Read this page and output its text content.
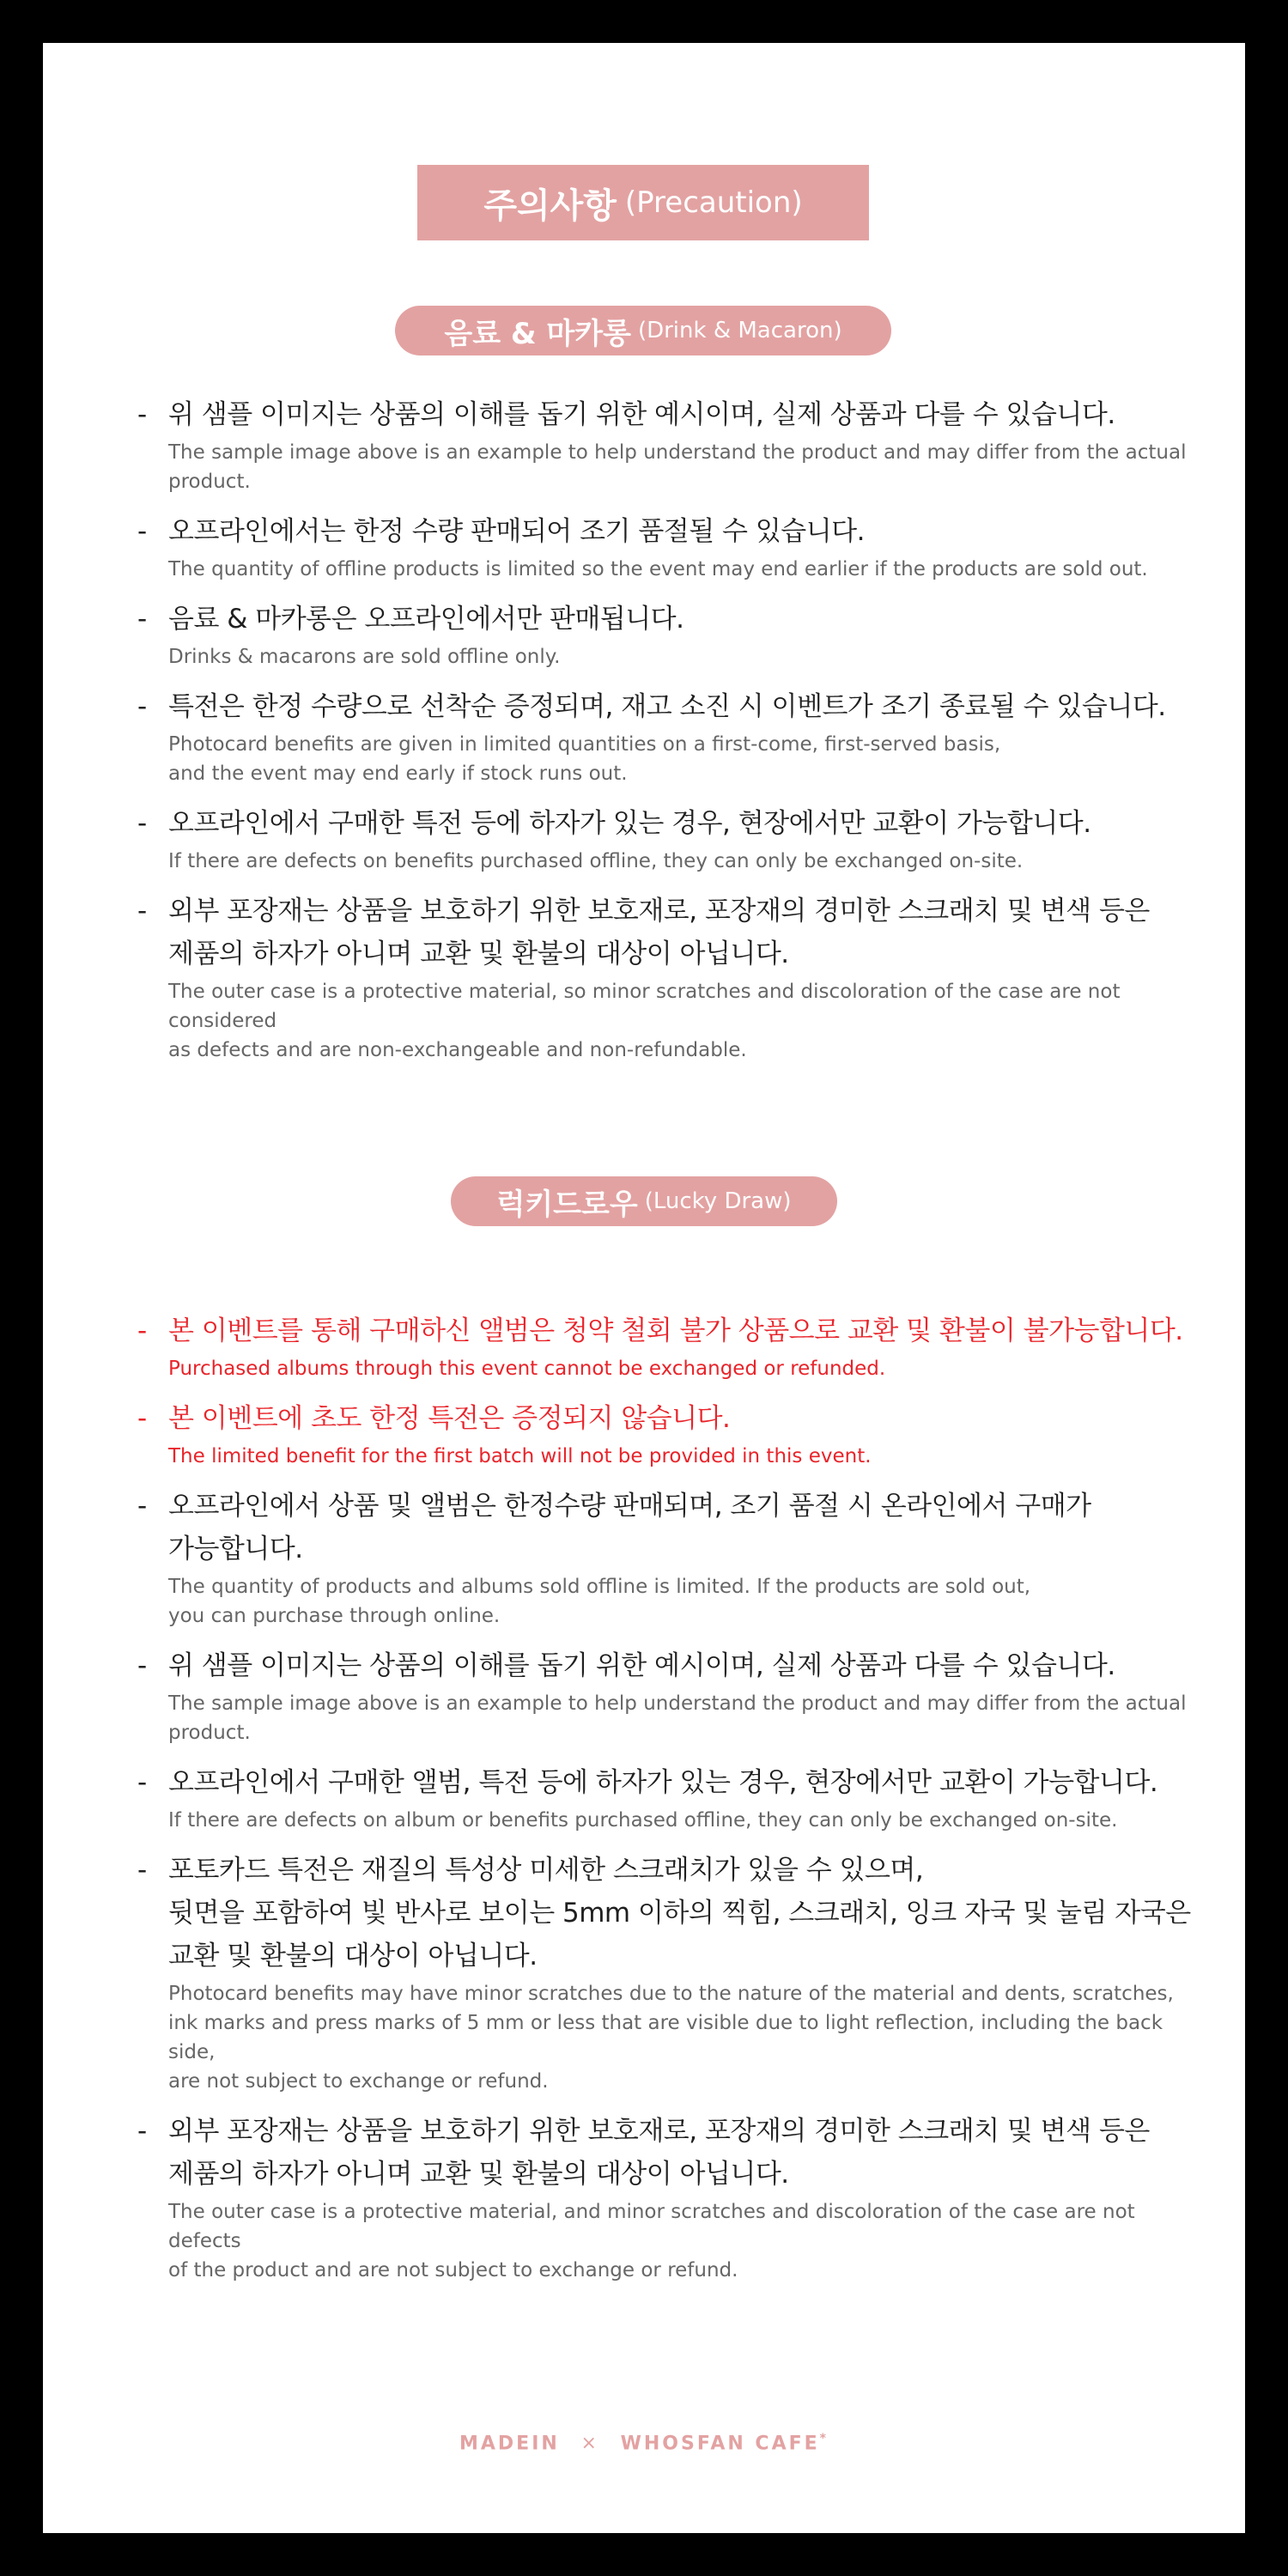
주의사항 (Precaution)
음료 & 마카롱 (Drink & Macaron)
- 위 샘플 이미지는 상품의 이해를 돕기 위한 예시이며, 실제 상품과 다를 수 있습니다.
The sample image above is an example to help understand the product and may differ from the actual
product.
- 오프라인에서는 한정 수량 판매되어 조기 품절될 수 있습니다.
The quantity of offline products is limited so the event may end earlier if the products are sold out.
- 음료 & 마카롱은 오프라인에서만 판매됩니다.
Drinks & macarons are sold offline only.
- 특전은 한정 수량으로 선착순 증정되며, 재고 소진 시 이벤트가 조기 종료될 수 있습니다.
Photocard benefits are given in limited quantities on a first-come, first-served basis,
and the event may end early if stock runs out.
- 오프라인에서 구매한 특전 등에 하자가 있는 경우, 현장에서만 교환이 가능합니다.
If there are defects on benefits purchased offline, they can only be exchanged on-site.
- 외부 포장재는 상품을 보호하기 위한 보호재로, 포장재의 경미한 스크래치 및 변색 등은
제품의 하자가 아니며 교환 및 환불의 대상이 아닙니다.
The outer case is a protective material, so minor scratches and discoloration of the case are not considered
as defects and are non-exchangeable and non-refundable.
럭키드로우 (Lucky Draw)
- 본 이벤트를 통해 구매하신 앨범은 청약 철회 불가 상품으로 교환 및 환불이 불가능합니다.
Purchased albums through this event cannot be exchanged or refunded.
- 본 이벤트에 초도 한정 특전은 증정되지 않습니다.
The limited benefit for the first batch will not be provided in this event.
- 오프라인에서 상품 및 앨범은 한정수량 판매되며, 조기 품절 시 온라인에서 구매가
가능합니다.
The quantity of products and albums sold offline is limited. If the products are sold out,
you can purchase through online.
- 위 샘플 이미지는 상품의 이해를 돕기 위한 예시이며, 실제 상품과 다를 수 있습니다.
The sample image above is an example to help understand the product and may differ from the actual
product.
- 오프라인에서 구매한 앨범, 특전 등에 하자가 있는 경우, 현장에서만 교환이 가능합니다.
If there are defects on album or benefits purchased offline, they can only be exchanged on-site.
- 포토카드 특전은 재질의 특성상 미세한 스크래치가 있을 수 있으며,
뒷면을 포함하여 빛 반사로 보이는 5mm 이하의 찍힘, 스크래치, 잉크 자국 및 눌림 자국은
교환 및 환불의 대상이 아닙니다.
Photocard benefits may have minor scratches due to the nature of the material and dents, scratches,
ink marks and press marks of 5 mm or less that are visible due to light reflection, including the back side,
are not subject to exchange or refund.
- 외부 포장재는 상품을 보호하기 위한 보호재로, 포장재의 경미한 스크래치 및 변색 등은
제품의 하자가 아니며 교환 및 환불의 대상이 아닙니다.
The outer case is a protective material, and minor scratches and discoloration of the case are not defects
of the product and are not subject to exchange or refund.
MADEIN × WHOSFAN CAFE*
